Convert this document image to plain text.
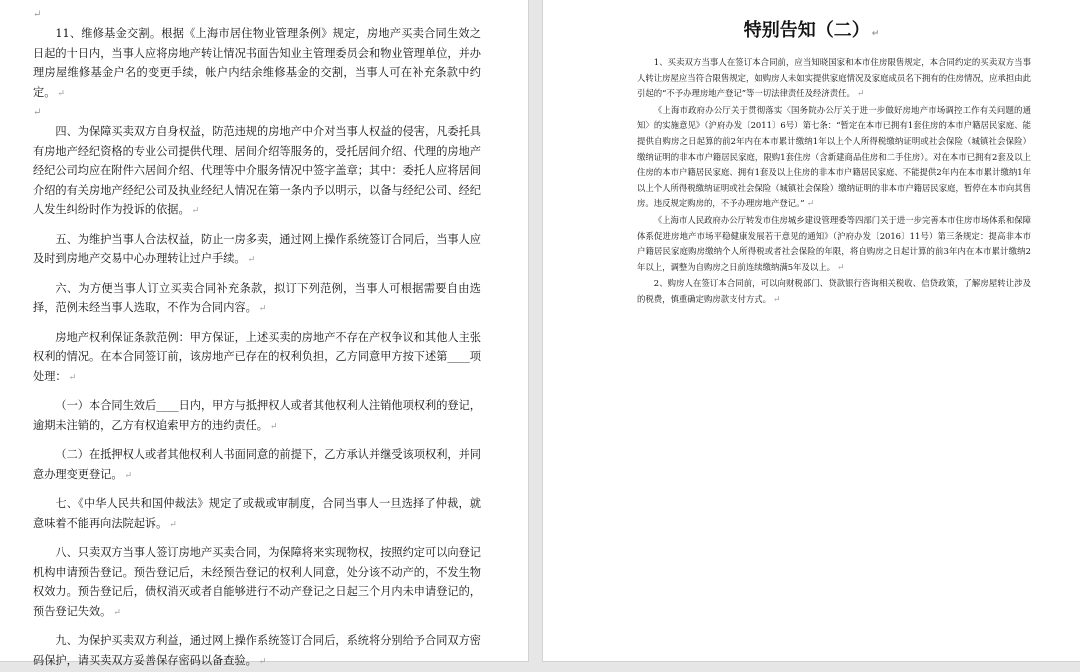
↵
11、维修基金交割。根据《上海市居住物业管理条例》规定，房地产买卖合同生效之日起的十日内，当事人应将房地产转让情况书面告知业主管理委员会和物业管理单位，并办理房屋维修基金户名的变更手续，帐户内结余维修基金的交割，当事人可在补充条款中约定。 ↵
↵
四、为保障买卖双方自身权益，防范违规的房地产中介对当事人权益的侵害，凡委托具有房地产经纪资格的专业公司提供代理、居间介绍等服务的，受托居间介绍、代理的房地产经纪公司均应在附件六居间介绍、代理等中介服务情况中签字盖章；其中：委托人应将居间介绍的有关房地产经纪公司及执业经纪人情况在第一条内予以明示，以备与经纪公司、经纪人发生纠纷时作为投诉的依据。 ↵
五、为维护当事人合法权益，防止一房多卖，通过网上操作系统签订合同后，当事人应及时到房地产交易中心办理转让过户手续。 ↵
六、为方便当事人订立买卖合同补充条款，拟订下列范例，当事人可根据需要自由选择，范例未经当事人选取，不作为合同内容。 ↵
房地产权利保证条款范例：甲方保证，上述买卖的房地产不存在产权争议和其他人主张权利的情况。在本合同签订前，该房地产已存在的权利负担，乙方同意甲方按下述第____项处理： ↵
（一）本合同生效后____日内，甲方与抵押权人或者其他权利人注销他项权利的登记，逾期未注销的，乙方有权追索甲方的违约责任。 ↵
（二）在抵押权人或者其他权利人书面同意的前提下，乙方承认并继受该项权利，并同意办理变更登记。 ↵
七、《中华人民共和国仲裁法》规定了或裁或审制度，合同当事人一旦选择了仲裁，就意味着不能再向法院起诉。 ↵
八、只卖双方当事人签订房地产买卖合同，为保障将来实现物权，按照约定可以向登记机构申请预告登记。预告登记后，未经预告登记的权利人同意，处分该不动产的，不发生物权效力。预告登记后，债权消灭或者自能够进行不动产登记之日起三个月内未申请登记的，预告登记失效。 ↵
九、为保护买卖双方利益，通过网上操作系统签订合同后，系统将分别给予合同双方密码保护，请买卖双方妥善保存密码以备查验。 ↵
特别告知（二） ↵
1、买卖双方当事人在签订本合同前，应当知晓国家和本市住房限售规定，本合同约定的买卖双方当事人转让房屋应当符合限售规定，如购房人未如实提供家庭情况及家庭成员名下拥有的住房情况，应承担由此引起的“不予办理房地产登记”等一切法律责任及经济责任。 ↵
《上海市政府办公厅关于贯彻落实〈国务院办公厅关于进一步做好房地产市场调控工作有关问题的通知〉的实施意见》（沪府办发〔2011〕6号）第七条：“暂定在本市已拥有1套住房的本市户籍居民家庭、能提供自购房之日起算的前2年内在本市累计缴纳1年以上个人所得税缴纳证明或社会保险（城镇社会保险）缴纳证明的非本市户籍居民家庭，限购1套住房（含新建商品住房和二手住房）。对在本市已拥有2套及以上住房的本市户籍居民家庭、拥有1套及以上住房的非本市户籍居民家庭、不能提供2年内在本市累计缴纳1年以上个人所得税缴纳证明或社会保险（城镇社会保险）缴纳证明的非本市户籍居民家庭，暂停在本市向其售房。违反规定购房的，不予办理房地产登记。” ↵
《上海市人民政府办公厅转发市住房城乡建设管理委等四部门关于进一步完善本市住房市场体系和保障体系促进房地产市场平稳健康发展若干意见的通知》（沪府办发〔2016〕11号）第三条规定：提高非本市户籍居民家庭购房缴纳个人所得税或者社会保险的年限，将自购房之日起计算的前3年内在本市累计缴纳2年以上，调整为自购房之日前连续缴纳满5年及以上。 ↵
2、购房人在签订本合同前，可以向财税部门、贷款银行咨询相关税收、信贷政策，了解房屋转让涉及的税费，慎重确定购房款支付方式。 ↵
